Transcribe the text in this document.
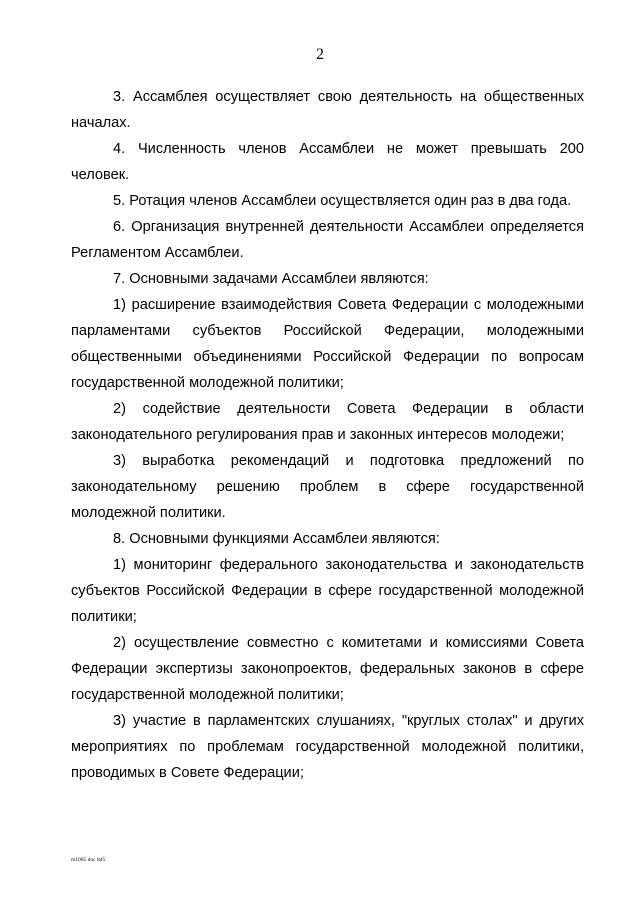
2

3. Ассамблея осуществляет свою деятельность на общественных началах.

4. Численность членов Ассамблеи не может превышать 200 человек.

5. Ротация членов Ассамблеи осуществляется один раз в два года.

6. Организация внутренней деятельности Ассамблеи определяется Регламентом Ассамблеи.

7. Основными задачами Ассамблеи являются:

1) расширение взаимодействия Совета Федерации с молодежными парламентами субъектов Российской Федерации, молодежными общественными объединениями Российской Федерации по вопросам государственной молодежной политики;

2) содействие деятельности Совета Федерации в области законодательного регулирования прав и законных интересов молодежи;

3) выработка рекомендаций и подготовка предложений по законодательному решению проблем в сфере государственной молодежной политики.

8. Основными функциями Ассамблеи являются:

1) мониторинг федерального законодательства и законодательств субъектов Российской Федерации в сфере государственной молодежной политики;

2) осуществление совместно с комитетами и комиссиями Совета Федерации экспертизы законопроектов, федеральных законов в сфере государственной молодежной политики;

3) участие в парламентских слушаниях, "круглых столах" и других мероприятиях по проблемам государственной молодежной политики, проводимых в Совете Федерации;

m1005 doc 845
